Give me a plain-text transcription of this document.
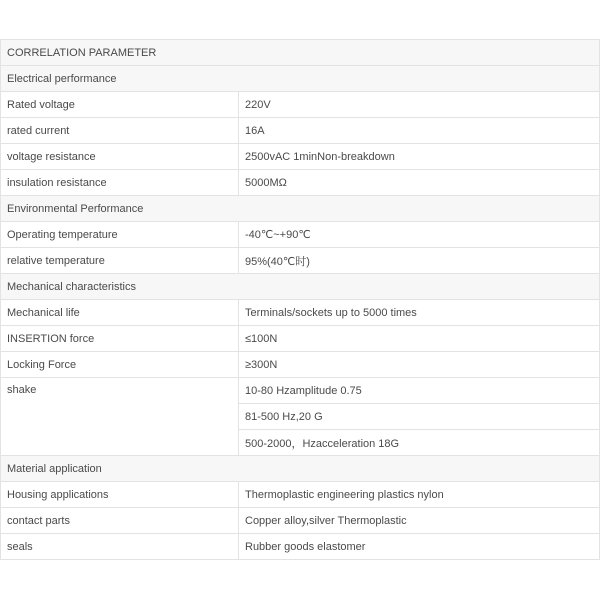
CORRELATION PARAMETER	
Electrical performance	
Rated voltage	220V
rated current	16A
voltage resistance	2500vAC 1minNon-breakdown
insulation resistance	5000MΩ
Environmental Performance	
Operating temperature	-40℃~+90℃
relative temperature	95%(40℃时)
Mechanical characteristics	
Mechanical life	Terminals/sockets up to 5000 times
INSERTION force	≤100N
Locking Force	≥300N
shake	10-80 Hzamplitude 0.75
	81-500 Hz,20 G
	500-2000，Hzacceleration 18G
Material application	
Housing applications	Thermoplastic engineering plastics nylon
contact parts	Copper alloy,silver Thermoplastic
seals	Rubber goods elastomer
